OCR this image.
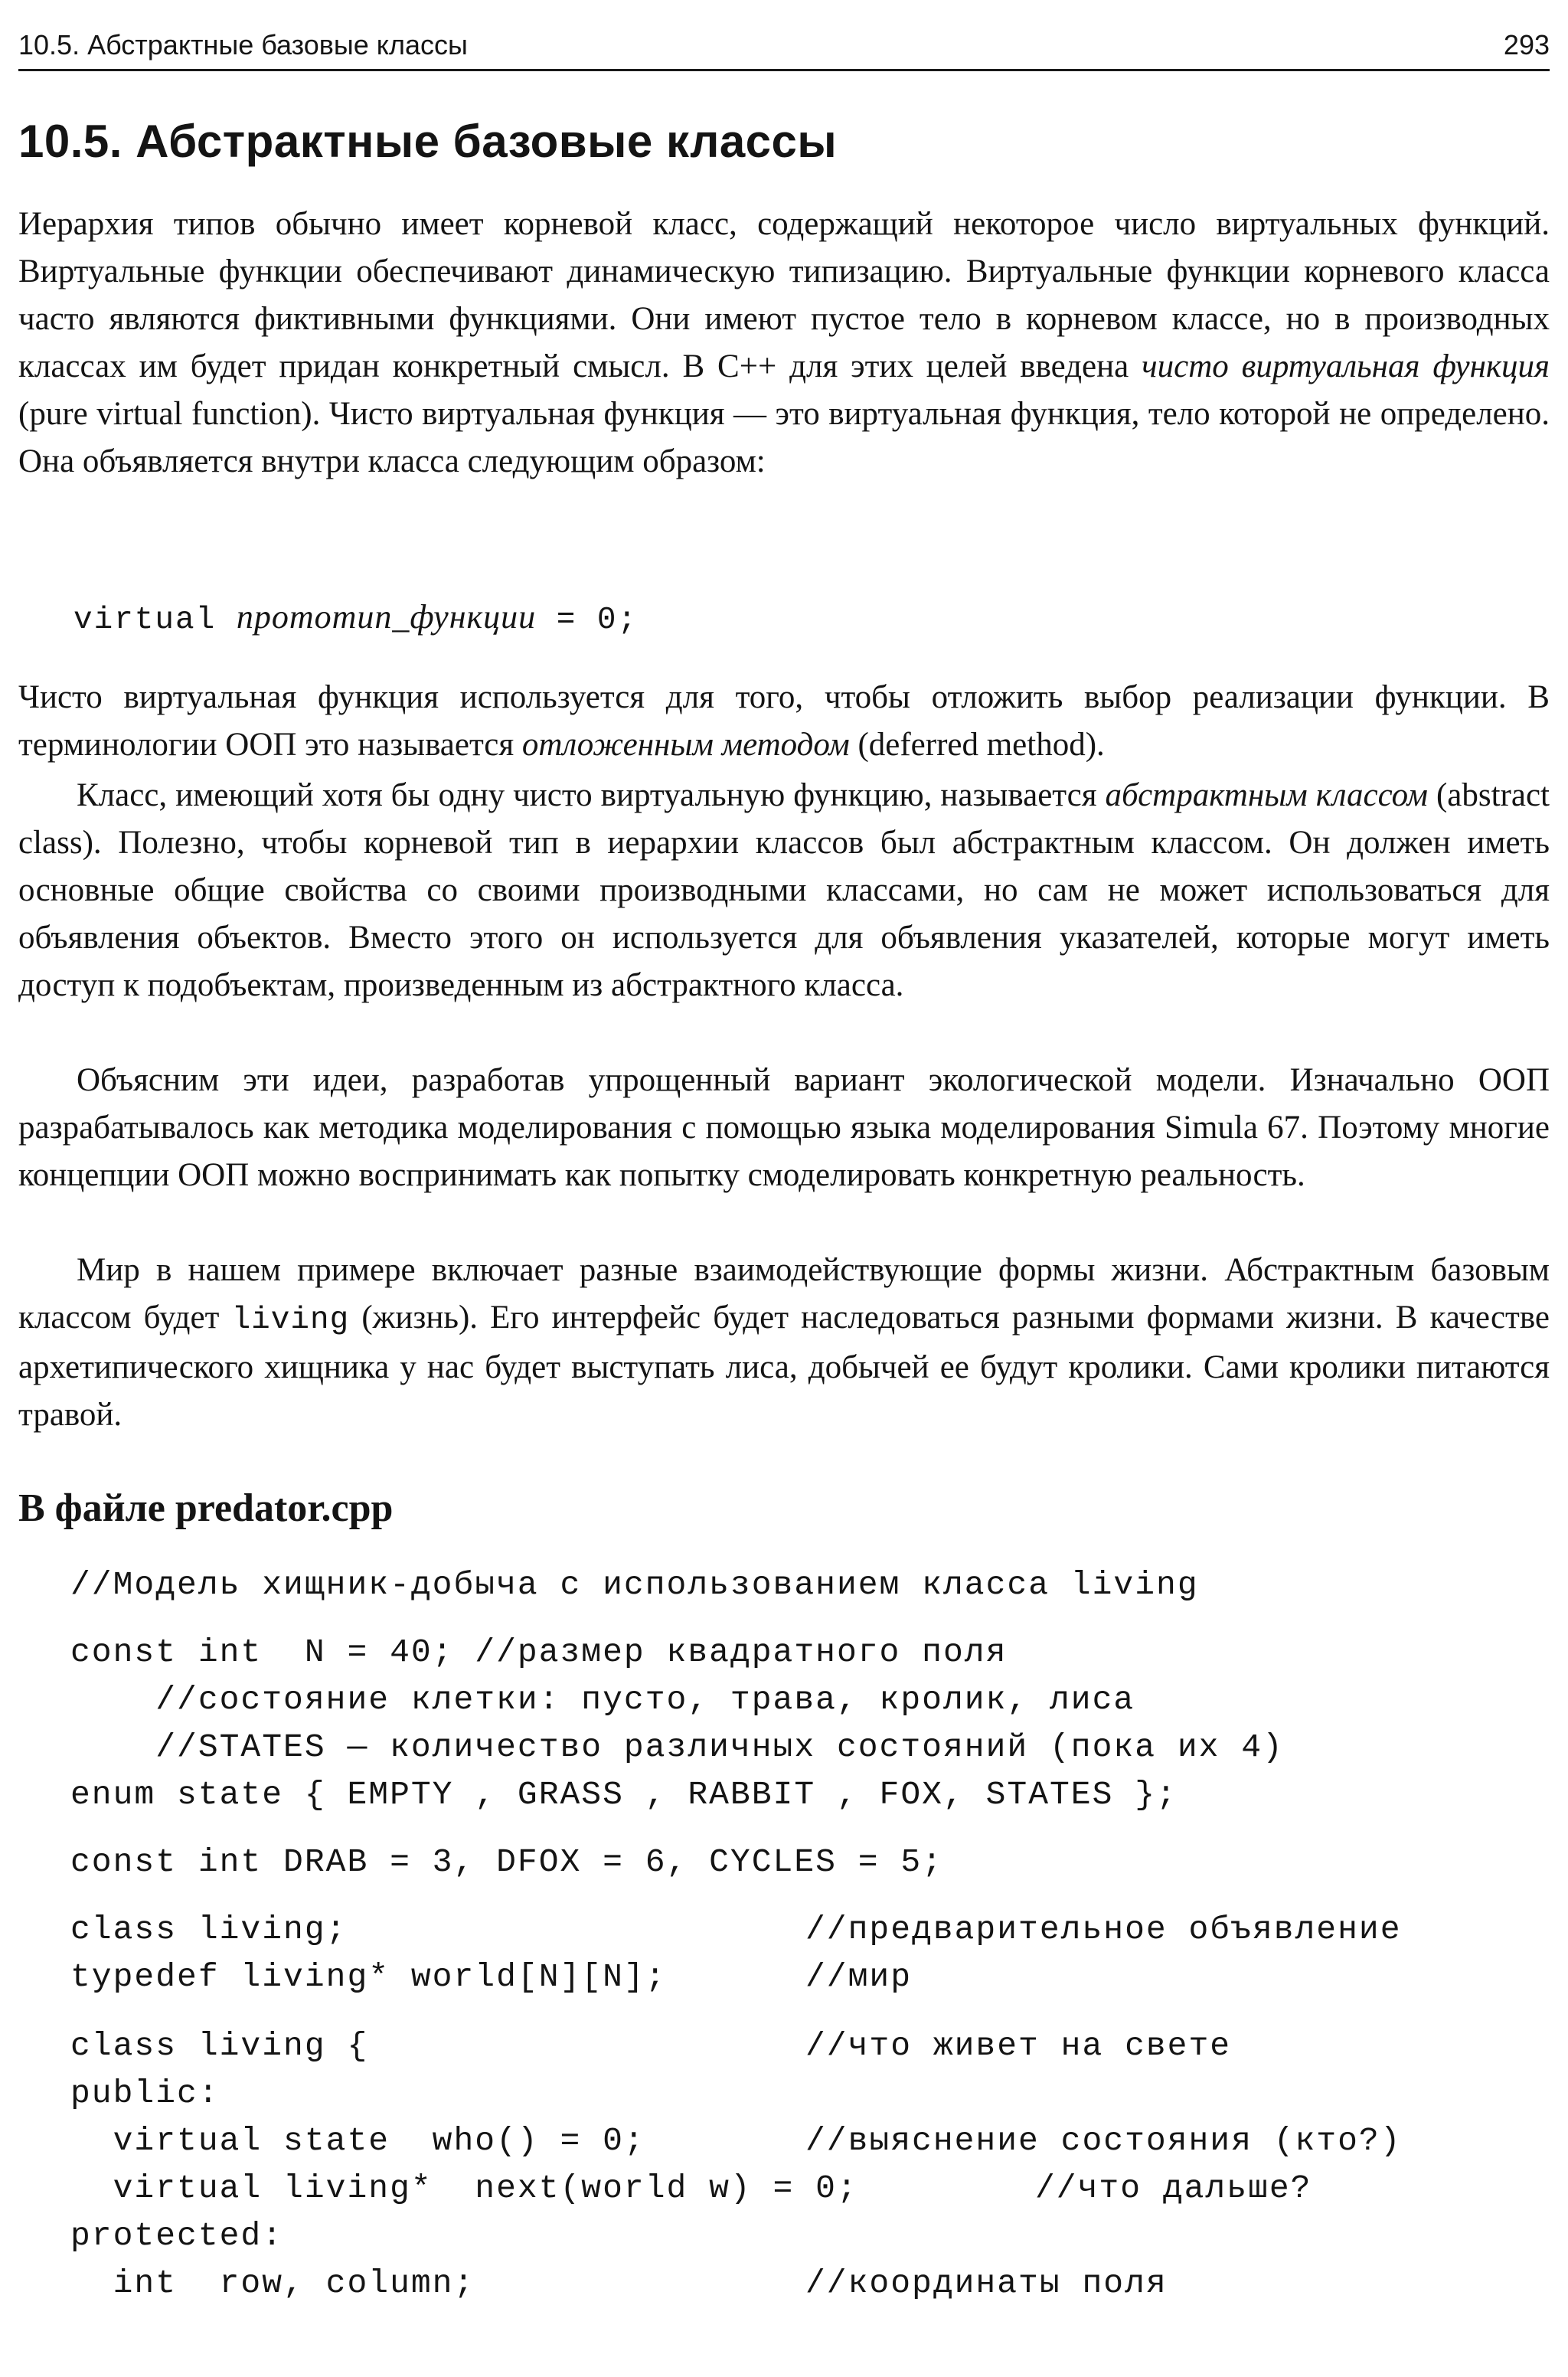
10.5. Абстрактные базовые классы	293
10.5. Абстрактные базовые классы

Иерархия типов обычно имеет корневой класс, содержащий некоторое число виртуальных функций. Виртуальные функции обеспечивают динамическую типизацию. Виртуальные функции корневого класса часто являются фиктивными функциями. Они имеют пустое тело в корневом классе, но в производных классах им будет придан конкретный смысл. В С++ для этих целей введена чисто виртуальная функция (pure virtual function). Чисто виртуальная функция — это виртуальная функция, тело которой не определено. Она объявляется внутри класса следующим образом:

virtual прототип_функции = 0;

Чисто виртуальная функция используется для того, чтобы отложить выбор реализации функции. В терминологии ООП это называется отложенным методом (deferred method).

Класс, имеющий хотя бы одну чисто виртуальную функцию, называется абстрактным классом (abstract class). Полезно, чтобы корневой тип в иерархии классов был абстрактным классом. Он должен иметь основные общие свойства со своими производными классами, но сам не может использоваться для объявления объектов. Вместо этого он используется для объявления указателей, которые могут иметь доступ к подобъектам, произведенным из абстрактного класса.

Объясним эти идеи, разработав упрощенный вариант экологической модели. Изначально ООП разрабатывалось как методика моделирования с помощью языка моделирования Simula 67. Поэтому многие концепции ООП можно воспринимать как попытку смоделировать конкретную реальность.

Мир в нашем примере включает разные взаимодействующие формы жизни. Абстрактным базовым классом будет living (жизнь). Его интерфейс будет наследоваться разными формами жизни. В качестве архетипического хищника у нас будет выступать лиса, добычей ее будут кролики. Сами кролики питаются травой.

В файле predator.cpp
//Модель хищник-добыча с использованием класса living
const int  N = 40; //размер квадратного поля
//состояние клетки: пусто, трава, кролик, лиса
//STATES — количество различных состояний (пока их 4)
enum state { EMPTY , GRASS , RABBIT , FOX, STATES };
const int DRAB = 3, DFOX = 6, CYCLES = 5;
class living;	//предварительное объявление
typedef living* world[N][N];	//мир
class living {	//что живет на свете
public:
virtual state  who() = 0;	//выяснение состояния (кто?)
virtual living*  next(world w) = 0;	//что дальше?
protected:
int  row, column;	//координаты поля
